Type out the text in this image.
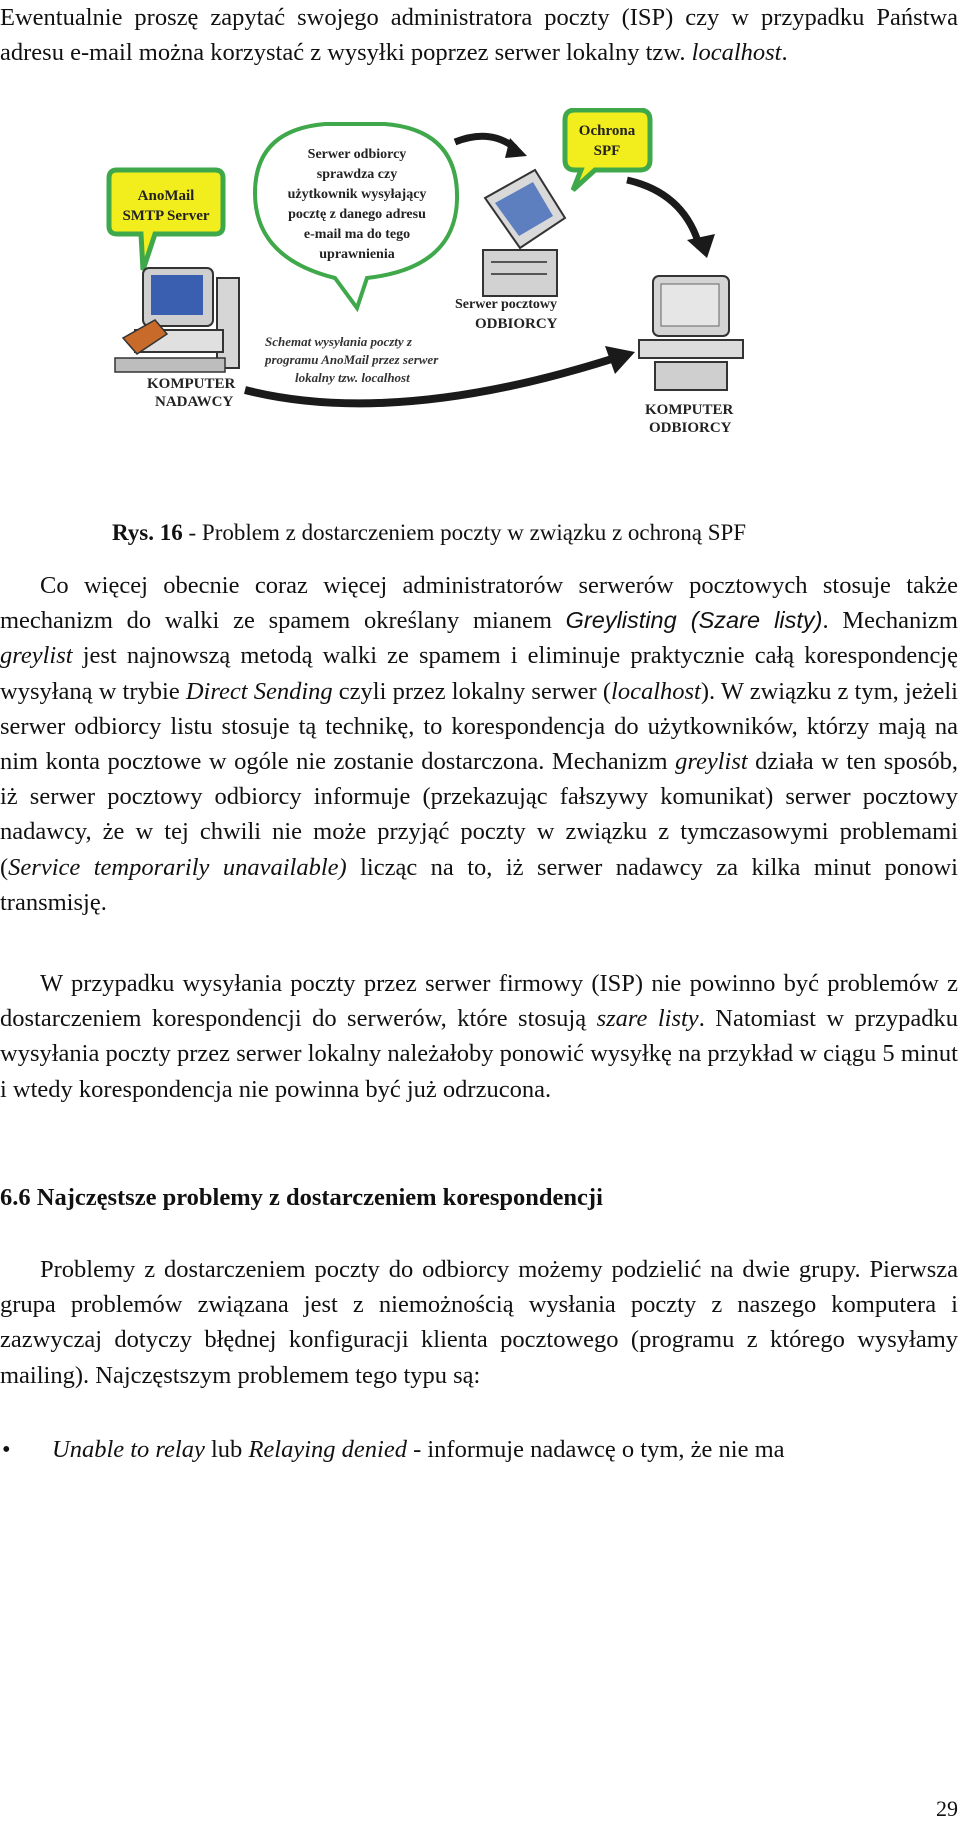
Ewentualnie proszę zapytać swojego administratora poczty (ISP) czy w przypadku Państwa adresu e-mail można korzystać z wysyłki poprzez serwer lokalny tzw. localhost.

AnoMail
SMTP Server
Serwer odbiorcy
sprawdza czy
użytkownik wysyłający
pocztę z danego adresu
e-mail ma do tego
uprawnienia
Ochrona
SPF
Serwer pocztowy
ODBIORCY
Schemat wysyłania poczty z
programu AnoMail przez serwer
lokalny tzw. localhost
KOMPUTER
NADAWCY	KOMPUTER
ODBIORCY
Rys. 16 - Problem z dostarczeniem poczty w związku z ochroną SPF

Co więcej obecnie coraz więcej administratorów serwerów pocztowych stosuje także mechanizm do walki ze spamem określany mianem Greylisting (Szare listy). Mechanizm greylist jest najnowszą metodą walki ze spamem i eliminuje praktycznie całą korespondencję wysyłaną w trybie Direct Sending czyli przez lokalny serwer (localhost). W związku z tym, jeżeli serwer odbiorcy listu stosuje tą technikę, to korespondencja do użytkowników, którzy mają na nim konta pocztowe w ogóle nie zostanie dostarczona. Mechanizm greylist działa w ten sposób, iż serwer pocztowy odbiorcy informuje (przekazując fałszywy komunikat) serwer pocztowy nadawcy, że w tej chwili nie może przyjąć poczty w związku z tymczasowymi problemami (Service temporarily unavailable) licząc na to, iż serwer nadawcy za kilka minut ponowi transmisję.

W przypadku wysyłania poczty przez serwer firmowy (ISP) nie powinno być problemów z dostarczeniem korespondencji do serwerów, które stosują szare listy. Natomiast w przypadku wysyłania poczty przez serwer lokalny należałoby ponowić wysyłkę na przykład w ciągu 5 minut i wtedy korespondencja nie powinna być już odrzucona.

6.6 Najczęstsze problemy z dostarczeniem korespondencji

Problemy z dostarczeniem poczty do odbiorcy możemy podzielić na dwie grupy. Pierwsza grupa problemów związana jest z niemożnością wysłania poczty z naszego komputera i zazwyczaj dotyczy błędnej konfiguracji klienta pocztowego (programu z którego wysyłamy mailing). Najczęstszym problemem tego typu są:

• Unable to relay lub Relaying denied - informuje nadawcę o tym, że nie ma
29
